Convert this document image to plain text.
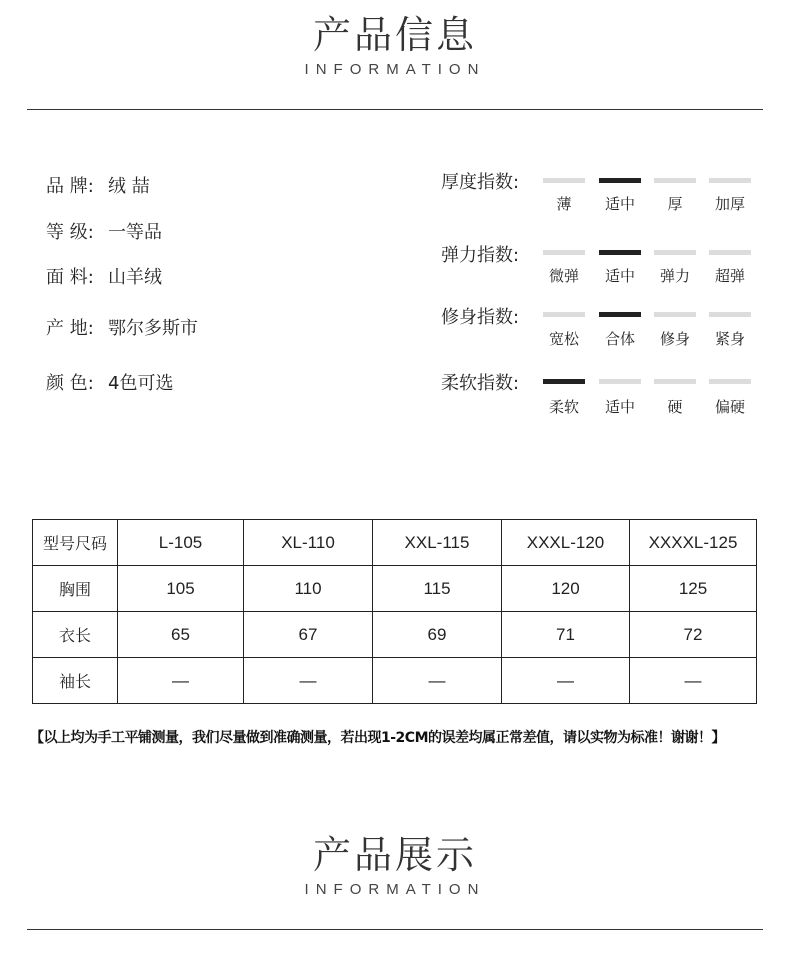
产品信息
INFORMATION
品 牌: 绒 喆
等 级: 一等品
面 料: 山羊绒
产 地: 鄂尔多斯市
颜 色: 4色可选
厚度指数:
薄	适中	厚	加厚
弹力指数:
微弹	适中	弹力	超弹
修身指数:
宽松	合体	修身	紧身
柔软指数:
柔软	适中	硬	偏硬
型号尺码	L-105	XL-110	XXL-115	XXXL-120	XXXXL-125
胸围	105	110	115	120	125
衣长	65	67	69	71	72
袖长	—	—	—	—	—
【以上均为手工平铺测量，我们尽量做到准确测量，若出现1-2CM的误差均属正常差值，请以实物为标准！谢谢！】
产品展示
INFORMATION
